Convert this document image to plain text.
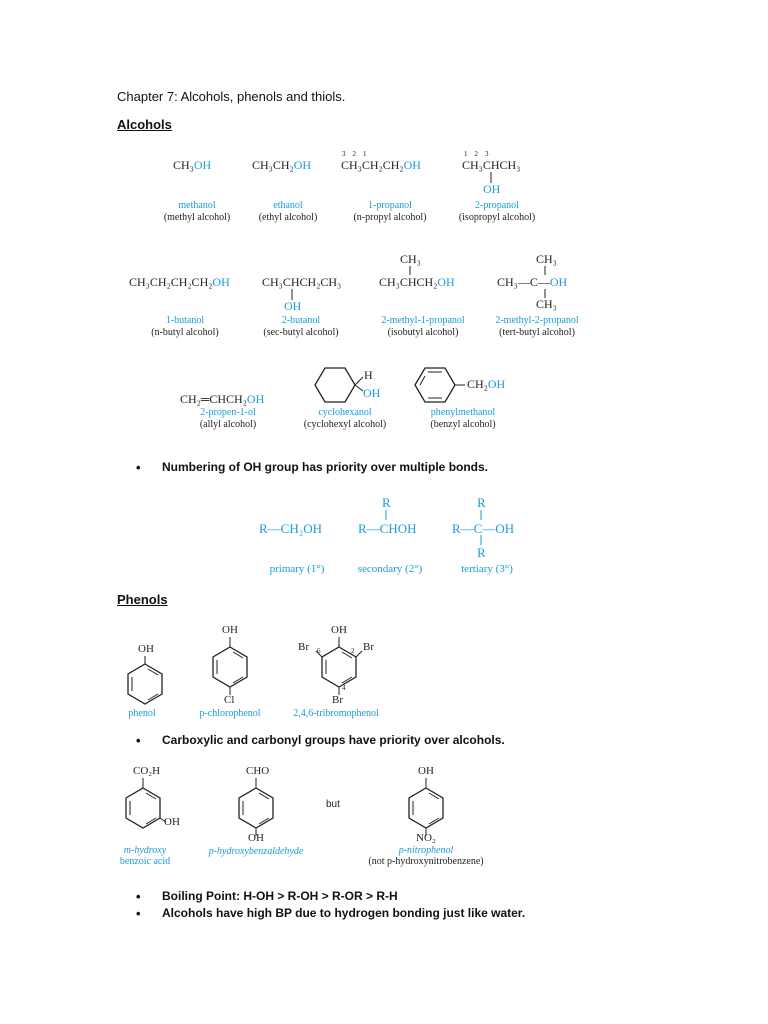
Chapter 7: Alcohols, phenols and thiols.
Alcohols
CH₃OH
methanol
(methyl alcohol)
CH₃CH₂OH
ethanol
(ethyl alcohol)
3    2    1
CH₃CH₂CH₂OH
1-propanol
(n-propyl alcohol)
1    2    3
CH₃CHCH₃
OH
2-propanol
(isopropyl alcohol)
CH₃CH₂CH₂CH₂OH
1-butanol
(n-butyl alcohol)
CH₃CHCH₂CH₃
OH
2-butanol
(sec-butyl alcohol)
CH₃
CH₃CHCH₂OH
2-methyl-1-propanol
(isobutyl alcohol)
CH₃
CH₃—C—OH
CH₃
2-methyl-2-propanol
(tert-butyl alcohol)
CH₂═CHCH₂OH
2-propen-1-ol
(allyl alcohol)
H
OH
cyclohexanol
(cyclohexyl alcohol)
CH₂OH
phenylmethanol
(benzyl alcohol)
• Numbering of OH group has priority over multiple bonds.
R—CH₂OH
primary (1°)
R
R—CHOH
secondary (2°)
R
R—C—OH
R
tertiary (3°)
Phenols
OH
phenol
OH
Cl
p-chlorophenol
OH
Br	Br
6
1
2
4
Br
2,4,6-tribromophenol
• Carboxylic and carbonyl groups have priority over alcohols.
CO₂H
OH
m-hydroxy
benzoic acid
CHO
OH
p-hydroxybenzaldehyde
but
OH
NO₂
p-nitrophenol
(not p-hydroxynitrobenzene)
• Boiling Point: H-OH > R-OH > R-OR > R-H
• Alcohols have high BP due to hydrogen bonding just like water.
